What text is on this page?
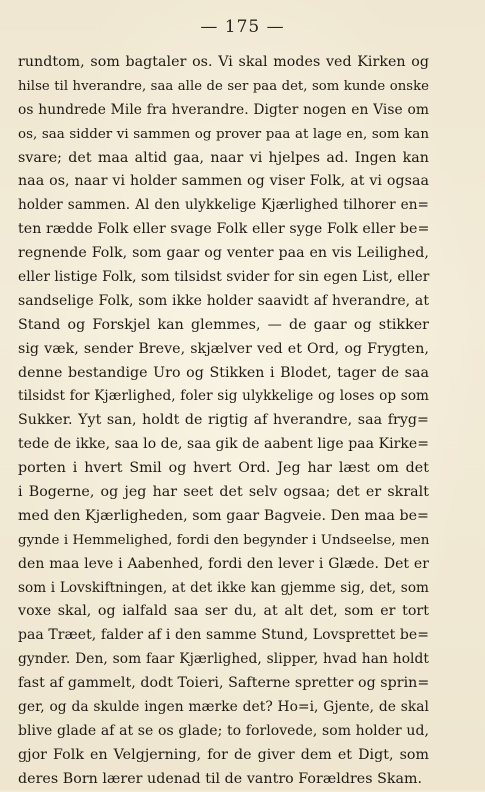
— 175 —
rundtom, som bagtaler os. Vi skal modes ved Kirken og
hilse til hverandre, saa alle de ser paa det, som kunde onske
os hundrede Mile fra hverandre. Digter nogen en Vise om
os, saa sidder vi sammen og prover paa at lage en, som kan
svare; det maa altid gaa, naar vi hjelpes ad. Ingen kan
naa os, naar vi holder sammen og viser Folk, at vi ogsaa
holder sammen. Al den ulykkelige Kjærlighed tilhorer en=
ten rædde Folk eller svage Folk eller syge Folk eller be=
regnende Folk, som gaar og venter paa en vis Leilighed,
eller listige Folk, som tilsidst svider for sin egen List, eller
sandselige Folk, som ikke holder saavidt af hverandre, at
Stand og Forskjel kan glemmes, — de gaar og stikker
sig væk, sender Breve, skjælver ved et Ord, og Frygten,
denne bestandige Uro og Stikken i Blodet, tager de saa
tilsidst for Kjærlighed, foler sig ulykkelige og loses op som
Sukker. Yyt san, holdt de rigtig af hverandre, saa fryg=
tede de ikke, saa lo de, saa gik de aabent lige paa Kirke=
porten i hvert Smil og hvert Ord. Jeg har læst om det
i Bogerne, og jeg har seet det selv ogsaa; det er skralt
med den Kjærligheden, som gaar Bagveie. Den maa be=
gynde i Hemmelighed, fordi den begynder i Undseelse, men
den maa leve i Aabenhed, fordi den lever i Glæde. Det er
som i Lovskiftningen, at det ikke kan gjemme sig, det, som
voxe skal, og ialfald saa ser du, at alt det, som er tort
paa Træet, falder af i den samme Stund, Lovsprettet be=
gynder. Den, som faar Kjærlighed, slipper, hvad han holdt
fast af gammelt, dodt Toieri, Safterne spretter og sprin=
ger, og da skulde ingen mærke det? Ho=i, Gjente, de skal
blive glade af at se os glade; to forlovede, som holder ud,
gjor Folk en Velgjerning, for de giver dem et Digt, som
deres Born lærer udenad til de vantro Forældres Skam.
